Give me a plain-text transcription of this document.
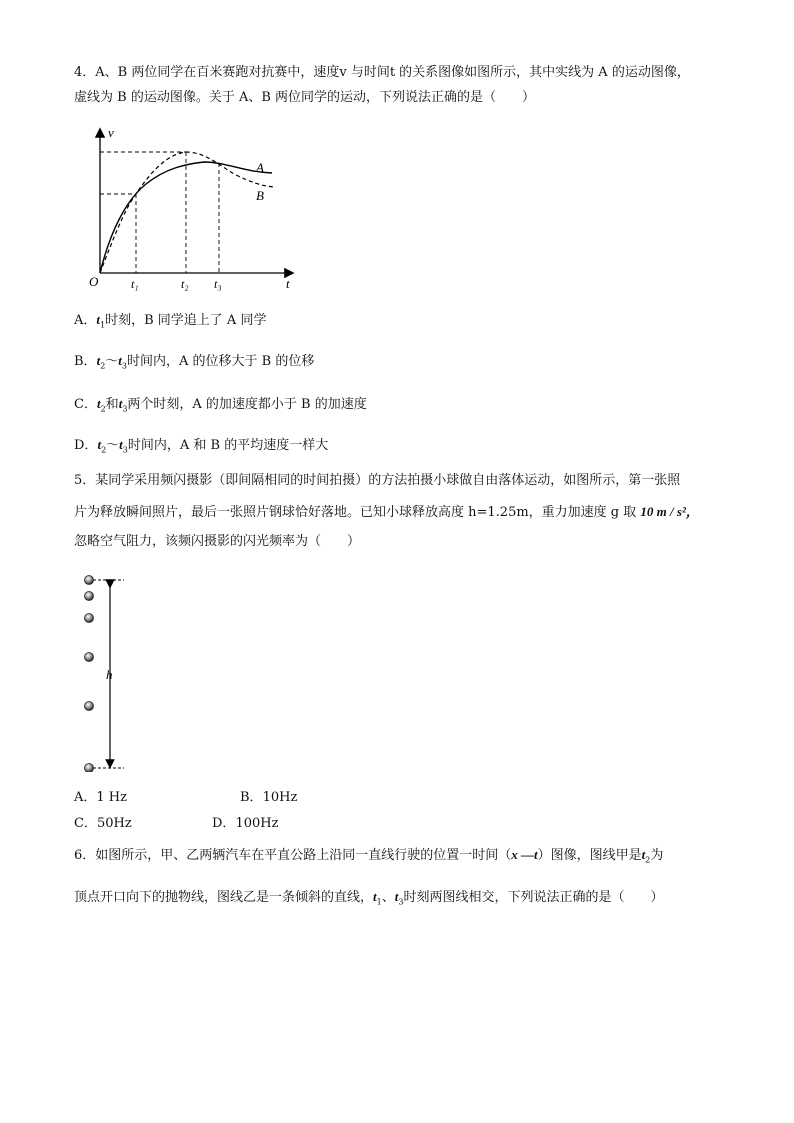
4．A、B 两位同学在百米赛跑对抗赛中，速度v 与时间t 的关系图像如图所示，其中实线为 A 的运动图像，
虚线为 B 的运动图像。关于 A、B 两位同学的运动，下列说法正确的是（　　）
v
O	t
A
B
t₁	t₂ t₃
A．$t_1$时刻，B 同学追上了 A 同学
B．$t_2\sim t_3$时间内，A 的位移大于 B 的位移
C．$t_2$和$t_3$两个时刻，A 的加速度都小于 B 的加速度
D．$t_2\sim t_3$时间内，A 和 B 的平均速度一样大
5．某同学采用频闪摄影（即间隔相同的时间拍摄）的方法拍摄小球做自由落体运动，如图所示，第一张照
片为释放瞬间照片，最后一张照片钢球恰好落地。已知小球释放高度 h=1.25m，重力加速度 g 取 10 m / s²，
忽略空气阻力，该频闪摄影的闪光频率为（　　）
h
A．1 Hz	B．10Hz
C．50Hz	D．100Hz
6．如图所示，甲、乙两辆汽车在平直公路上沿同一直线行驶的位置一时间（x —t）图像，图线甲是$t_2$为
顶点开口向下的抛物线，图线乙是一条倾斜的直线，$t_1$、$t_3$时刻两图线相交，下列说法正确的是（　　）
